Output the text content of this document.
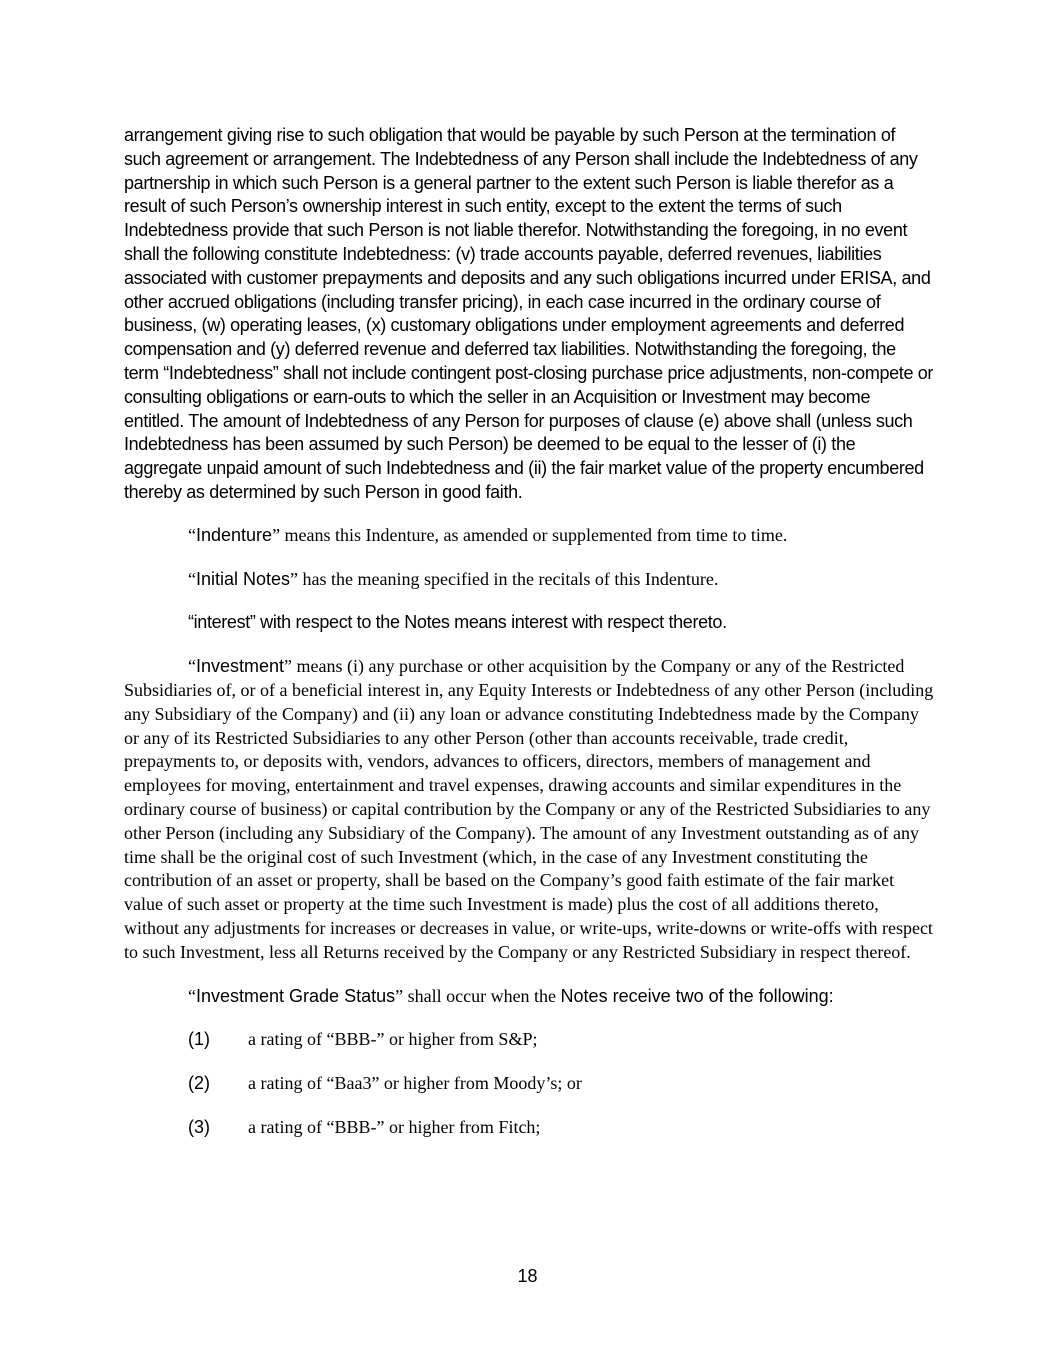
arrangement giving rise to such obligation that would be payable by such Person at the termination of such agreement or arrangement. The Indebtedness of any Person shall include the Indebtedness of any partnership in which such Person is a general partner to the extent such Person is liable therefor as a result of such Person’s ownership interest in such entity, except to the extent the terms of such Indebtedness provide that such Person is not liable therefor. Notwithstanding the foregoing, in no event shall the following constitute Indebtedness: (v) trade accounts payable, deferred revenues, liabilities associated with customer prepayments and deposits and any such obligations incurred under ERISA, and other accrued obligations (including transfer pricing), in each case incurred in the ordinary course of business, (w) operating leases, (x) customary obligations under employment agreements and deferred compensation and (y) deferred revenue and deferred tax liabilities. Notwithstanding the foregoing, the term “Indebtedness” shall not include contingent post-closing purchase price adjustments, non-compete or consulting obligations or earn-outs to which the seller in an Acquisition or Investment may become entitled. The amount of Indebtedness of any Person for purposes of clause (e) above shall (unless such Indebtedness has been assumed by such Person) be deemed to be equal to the lesser of (i) the aggregate unpaid amount of such Indebtedness and (ii) the fair market value of the property encumbered thereby as determined by such Person in good faith.

“Indenture” means this Indenture, as amended or supplemented from time to time.

“Initial Notes” has the meaning specified in the recitals of this Indenture.

“interest” with respect to the Notes means interest with respect thereto.

“Investment” means (i) any purchase or other acquisition by the Company or any of the Restricted Subsidiaries of, or of a beneficial interest in, any Equity Interests or Indebtedness of any other Person (including any Subsidiary of the Company) and (ii) any loan or advance constituting Indebtedness made by the Company or any of its Restricted Subsidiaries to any other Person (other than accounts receivable, trade credit, prepayments to, or deposits with, vendors, advances to officers, directors, members of management and employees for moving, entertainment and travel expenses, drawing accounts and similar expenditures in the ordinary course of business) or capital contribution by the Company or any of the Restricted Subsidiaries to any other Person (including any Subsidiary of the Company). The amount of any Investment outstanding as of any time shall be the original cost of such Investment (which, in the case of any Investment constituting the contribution of an asset or property, shall be based on the Company’s good faith estimate of the fair market value of such asset or property at the time such Investment is made) plus the cost of all additions thereto, without any adjustments for increases or decreases in value, or write-ups, write-downs or write-offs with respect to such Investment, less all Returns received by the Company or any Restricted Subsidiary in respect thereof.

“Investment Grade Status” shall occur when the Notes receive two of the following:

(1)	a rating of “BBB-” or higher from S&P;
(2)	a rating of “Baa3” or higher from Moody’s; or
(3)	a rating of “BBB-” or higher from Fitch;
18
